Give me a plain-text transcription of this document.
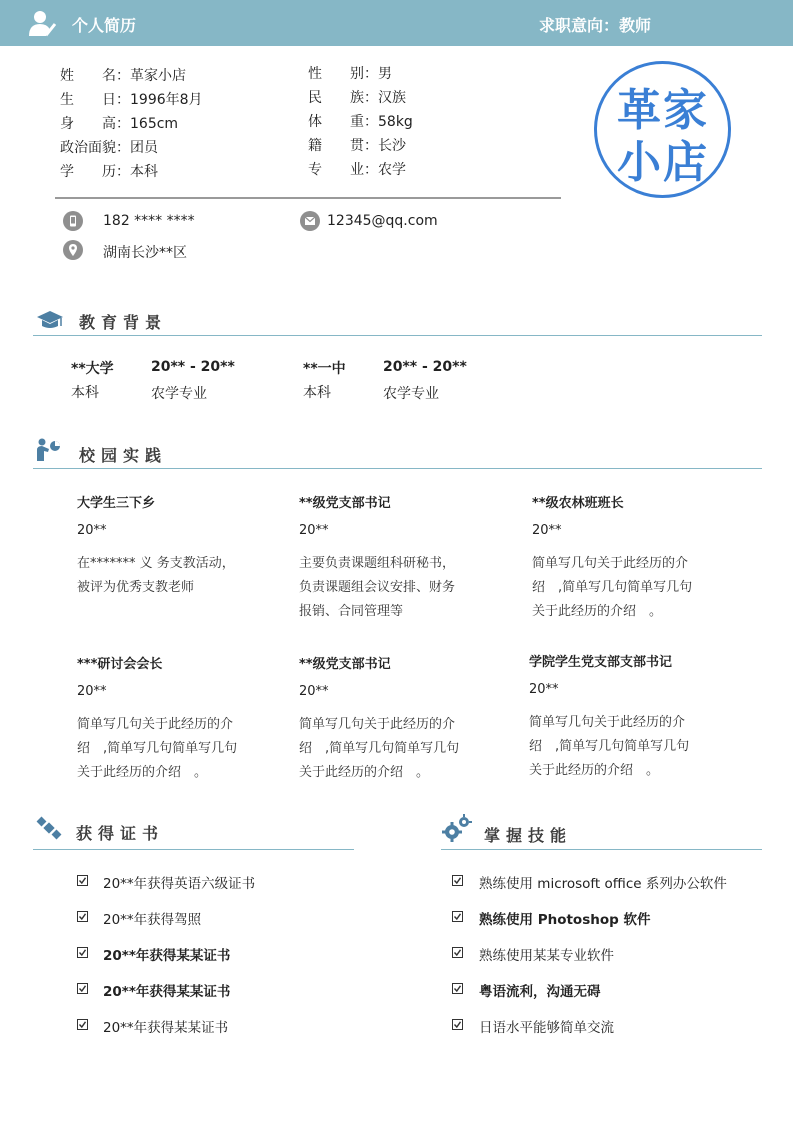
个人简历	求职意向：教师
姓　　名：革家小店
生　　日：1996年8月
身　　高：165cm
政治面貌：团员
学　　历：本科
性　　别：男
民　　族：汉族
体　　重：58kg
籍　　贯：长沙
专　　业：农学
革 家
小 店
182 **** ****	12345@qq.com
湖南长沙**区
教育背景
**大学	20** - 20**
本科	农学专业
**一中	20** - 20**
本科	农学专业
校园实践
大学生三下乡
20**
在******* 义 务支教活动，
被评为优秀支教老师
**级党支部书记
20**
主要负责课题组科研秘书，
负责课题组会议安排、财务
报销、合同管理等
**级农林班班长
20**
简单写几句关于此经历的介
绍　,简单写几句简单写几句
关于此经历的介绍　。
***研讨会会长
20**
简单写几句关于此经历的介
绍　,简单写几句简单写几句
关于此经历的介绍　。
**级党支部书记
20**
简单写几句关于此经历的介
绍　,简单写几句简单写几句
关于此经历的介绍　。
学院学生党支部支部书记
20**
简单写几句关于此经历的介
绍　,简单写几句简单写几句
关于此经历的介绍　。
获得证书
20**年获得英语六级证书
20**年获得驾照
20**年获得某某证书
20**年获得某某证书
20**年获得某某证书
掌握技能
熟练使用 microsoft office 系列办公软件
熟练使用 Photoshop 软件
熟练使用某某专业软件
粤语流利，沟通无碍
日语水平能够简单交流
